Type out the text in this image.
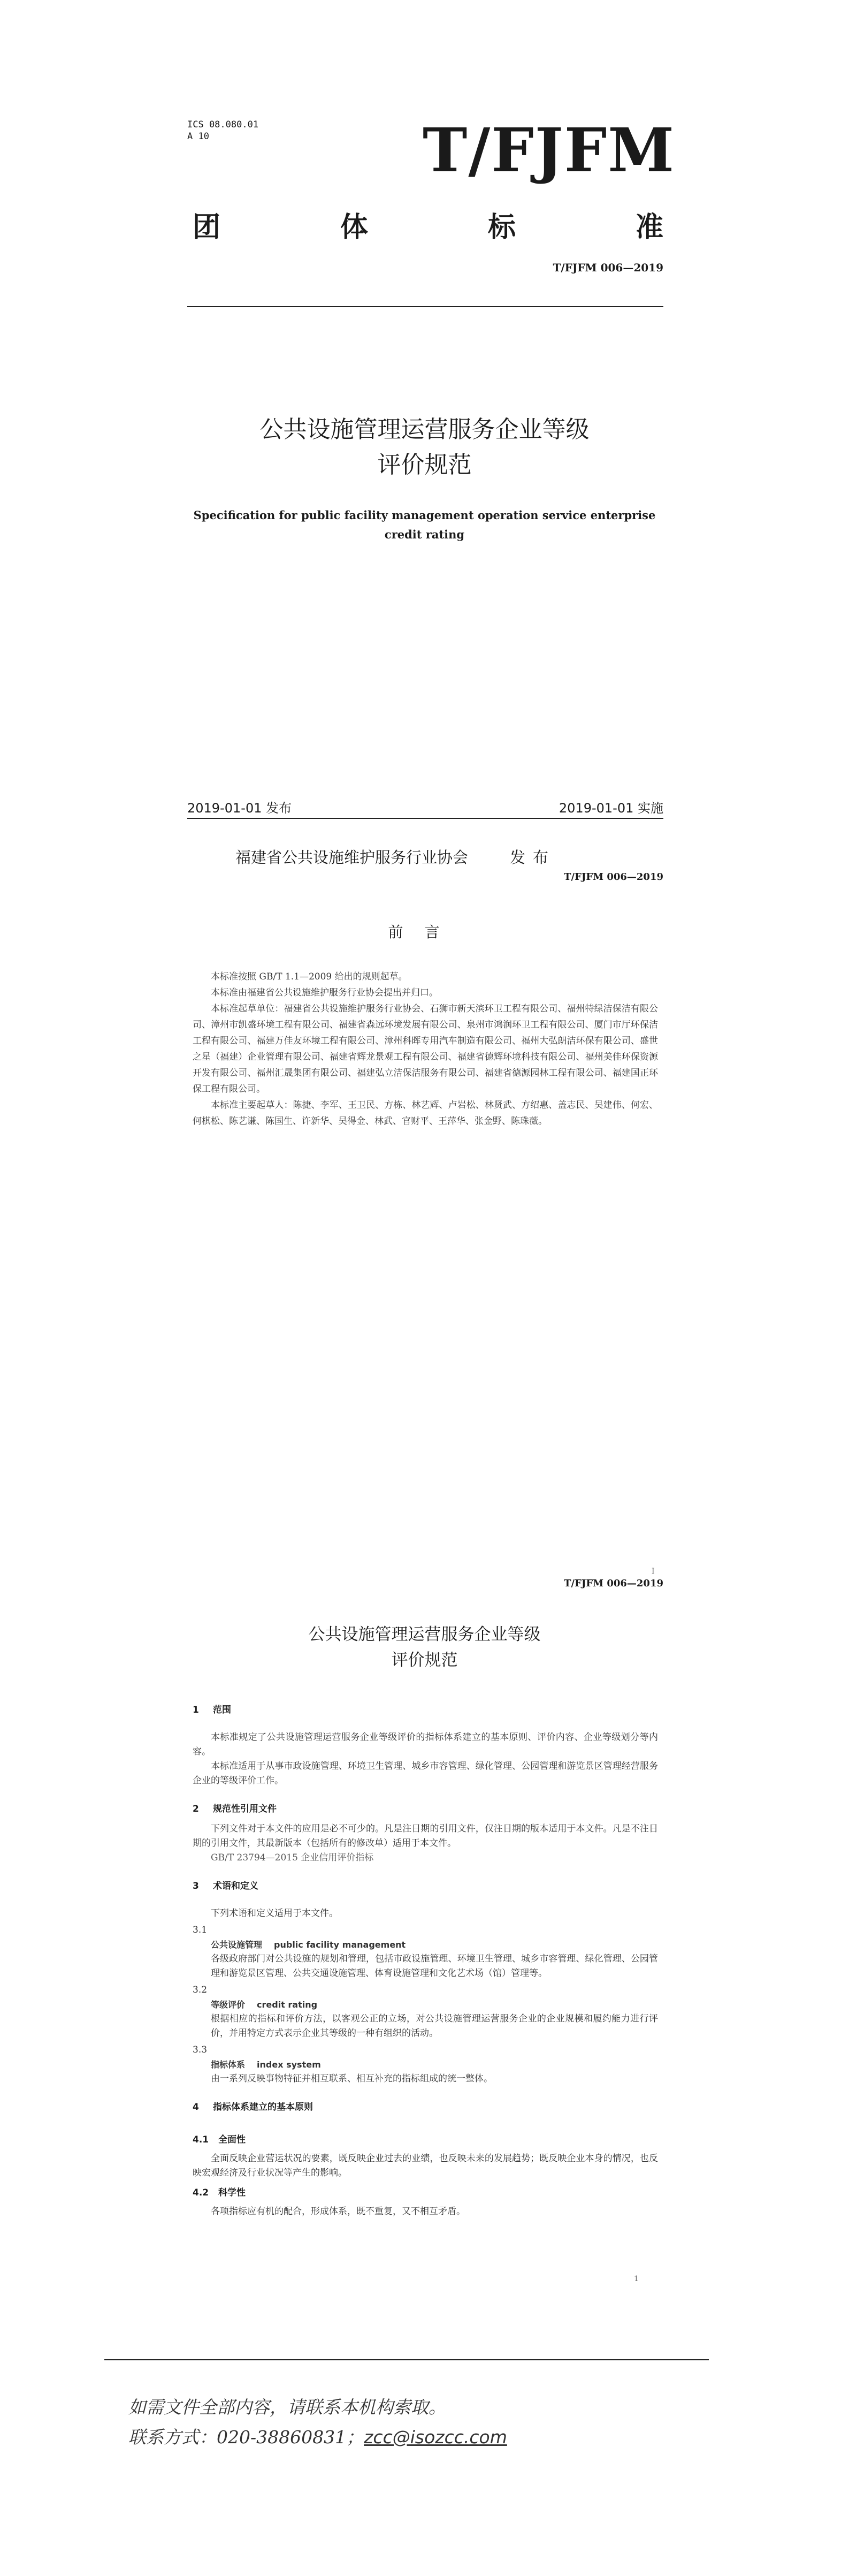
ICS 08.080.01
A 10	T/FJFM
团	体	标	准
T/FJFM 006—2019
公共设施管理运营服务企业等级
评价规范
Specification for public facility management operation service enterprise
credit rating
2019-01-01 发布	2019-01-01 实施
福建省公共设施维护服务行业协会	发布
T/FJFM 006—2019
前言

本标准按照 GB/T 1.1—2009 给出的规则起草。

本标准由福建省公共设施维护服务行业协会提出并归口。

本标准起草单位：福建省公共设施维护服务行业协会、石狮市新天滨环卫工程有限公司、福州特绿洁保洁有限公司、漳州市凯盛环境工程有限公司、福建省森远环境发展有限公司、泉州市鸿润环卫工程有限公司、厦门市厅环保洁工程有限公司、福建万佳友环境工程有限公司、漳州科晖专用汽车制造有限公司、福州大弘朗洁环保有限公司、盛世之星（福建）企业管理有限公司、福建省辉龙景观工程有限公司、福建省德辉环境科技有限公司、福州美佳环保资源开发有限公司、福州汇晟集团有限公司、福建弘立洁保洁服务有限公司、福建省德源园林工程有限公司、福建国正环保工程有限公司。

本标准主要起草人：陈捷、李军、王卫民、方栋、林艺辉、卢岩松、林贤武、方绍惠、盖志民、吴建伟、何宏、何棋松、陈艺谦、陈国生、许新华、吴得金、林武、官财平、王萍华、张金野、陈珠薇。

I
T/FJFM 006—2019
公共设施管理运营服务企业等级
评价规范
1 范围
本标准规定了公共设施管理运营服务企业等级评价的指标体系建立的基本原则、评价内容、企业等级划分等内容。
本标准适用于从事市政设施管理、环境卫生管理、城乡市容管理、绿化管理、公园管理和游览景区管理经营服务企业的等级评价工作。
2 规范性引用文件
下列文件对于本文件的应用是必不可少的。凡是注日期的引用文件，仅注日期的版本适用于本文件。凡是不注日期的引用文件，其最新版本（包括所有的修改单）适用于本文件。
GB/T 23794—2015 企业信用评价指标
3 术语和定义
下列术语和定义适用于本文件。
3.1
公共设施管理 public facility management
各级政府部门对公共设施的规划和管理，包括市政设施管理、环境卫生管理、城乡市容管理、绿化管理、公园管理和游览景区管理、公共交通设施管理、体育设施管理和文化艺术场（馆）管理等。
3.2
等级评价 credit rating
根据相应的指标和评价方法，以客观公正的立场，对公共设施管理运营服务企业的企业规模和履约能力进行评价，并用特定方式表示企业其等级的一种有组织的活动。
3.3
指标体系 index system
由一系列反映事物特征并相互联系、相互补充的指标组成的统一整体。
4 指标体系建立的基本原则
4.1 全面性
全面反映企业营运状况的要素，既反映企业过去的业绩，也反映未来的发展趋势；既反映企业本身的情况，也反映宏观经济及行业状况等产生的影响。
4.2 科学性
各项指标应有机的配合，形成体系，既不重复，又不相互矛盾。
1
如需文件全部内容，请联系本机构索取。
联系方式：020-38860831；zcc@isozcc.com
